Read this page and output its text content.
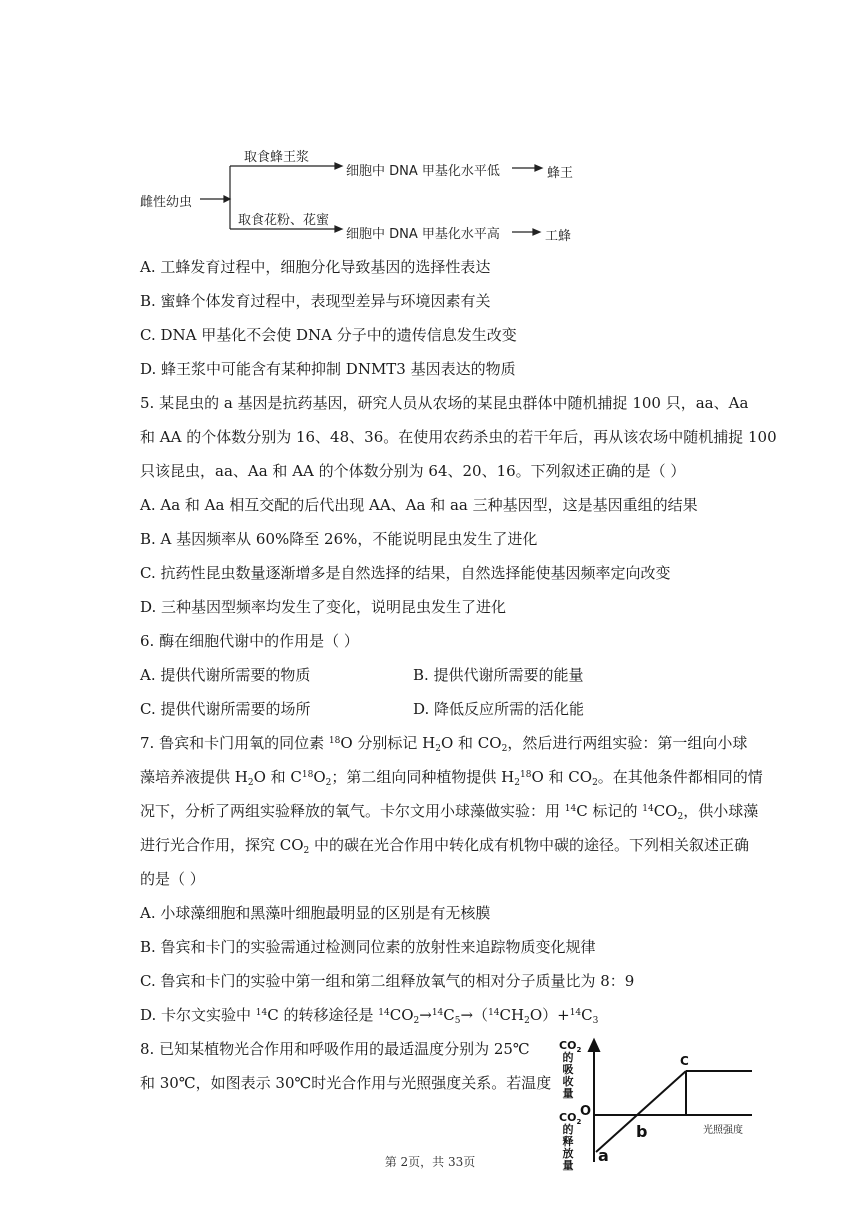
雌性幼虫
取食蜂王浆
细胞中 DNA 甲基化水平低	蜂王
取食花粉、花蜜
细胞中 DNA 甲基化水平高	工蜂
A. 工蜂发育过程中，细胞分化导致基因的选择性表达
B. 蜜蜂个体发育过程中，表现型差异与环境因素有关
C. DNA 甲基化不会使 DNA 分子中的遗传信息发生改变
D. 蜂王浆中可能含有某种抑制 DNMT3 基因表达的物质
5. 某昆虫的 a 基因是抗药基因，研究人员从农场的某昆虫群体中随机捕捉 100 只，aa、Aa
和 AA 的个体数分别为 16、48、36。在使用农药杀虫的若干年后，再从该农场中随机捕捉 100
只该昆虫，aa、Aa 和 AA 的个体数分别为 64、20、16。下列叙述正确的是（ ）
A. Aa 和 Aa 相互交配的后代出现 AA、Aa 和 aa 三种基因型，这是基因重组的结果
B. A 基因频率从 60%降至 26%，不能说明昆虫发生了进化
C. 抗药性昆虫数量逐渐增多是自然选择的结果，自然选择能使基因频率定向改变
D. 三种基因型频率均发生了变化，说明昆虫发生了进化
6. 酶在细胞代谢中的作用是（ ）
A. 提供代谢所需要的物质	B. 提供代谢所需要的能量
C. 提供代谢所需要的场所	D. 降低反应所需的活化能
7. 鲁宾和卡门用氧的同位素 $^{18}$O 分别标记 $H_2O$ 和 $CO_2$，然后进行两组实验：第一组向小球
藻培养液提供 $H_2O$ 和 $C^{18}O_2$；第二组向同种植物提供 $H_2^{18}O$ 和 $CO_2$。在其他条件都相同的情
况下，分析了两组实验释放的氧气。卡尔文用小球藻做实验：用 $^{14}$C 标记的 $^{14}CO_2$，供小球藻
进行光合作用，探究 $CO_2$ 中的碳在光合作用中转化成有机物中碳的途径。下列相关叙述正确
的是（ ）
A. 小球藻细胞和黑藻叶细胞最明显的区别是有无核膜
B. 鲁宾和卡门的实验需通过检测同位素的放射性来追踪物质变化规律
C. 鲁宾和卡门的实验中第一组和第二组释放氧气的相对分子质量比为 8：9
D. 卡尔文实验中 $^{14}$C 的转移途径是 $^{14}CO_2\to^{14}C_5\to(^{14}CH_2O)+^{14}C_3$
8. 已知某植物光合作用和呼吸作用的最适温度分别为 25℃
和 30℃，如图表示 30℃时光合作用与光照强度关系。若温度
$CO_2$
的
吸
收
量
$CO_2$
的
释
放
量
O
a
b
C
光照强度
第 2页，共 33页
